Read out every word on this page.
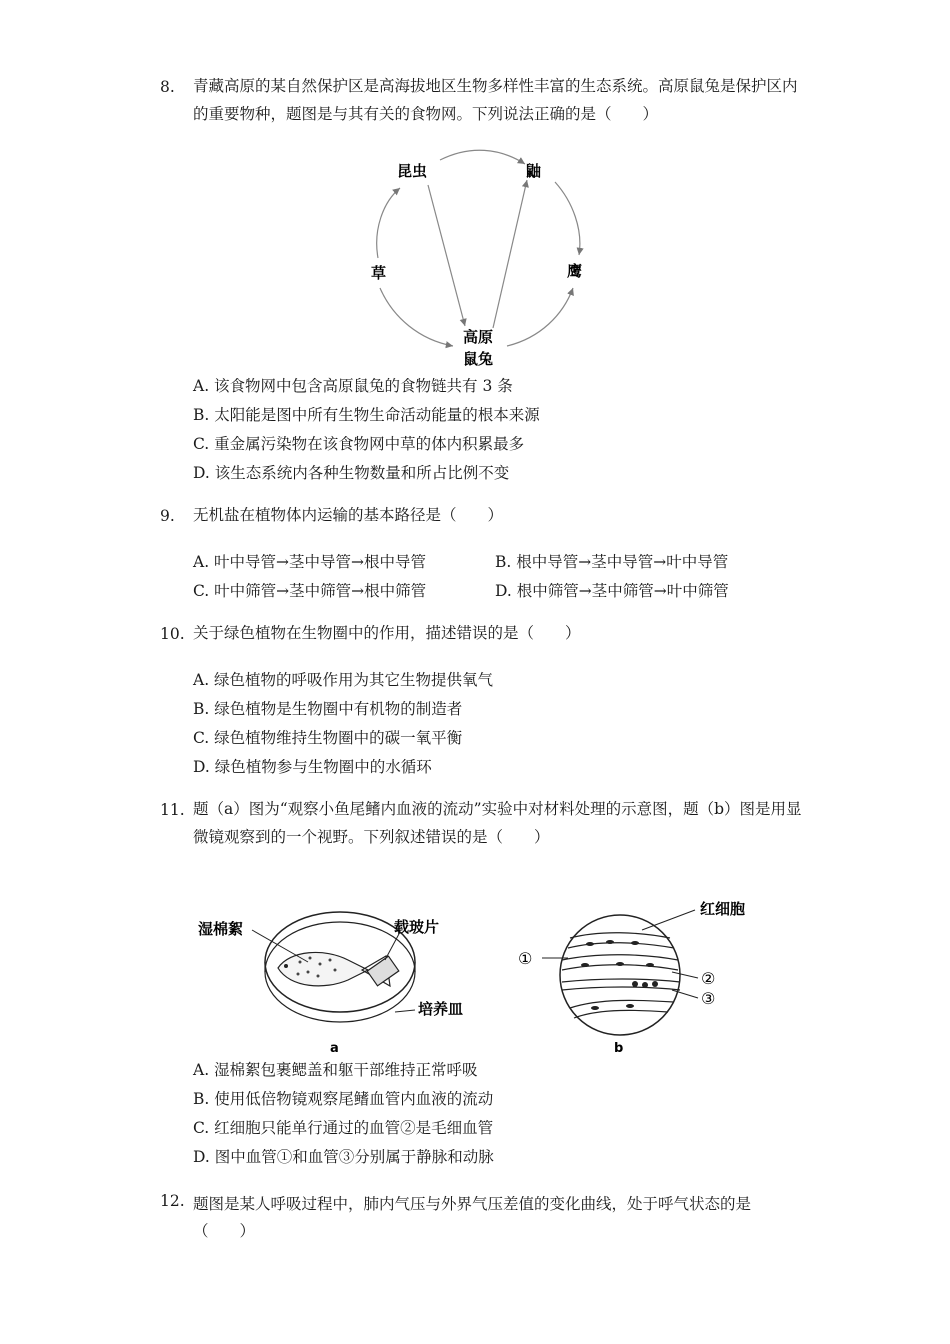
8. 青藏高原的某自然保护区是高海拔地区生物多样性丰富的生态系统。高原鼠兔是保护区内的重要物种，题图是与其有关的食物网。下列说法正确的是（　　）
昆虫	鼬
草	鹰
高原
鼠兔
A. 该食物网中包含高原鼠兔的食物链共有 3 条
B. 太阳能是图中所有生物生命活动能量的根本来源
C. 重金属污染物在该食物网中草的体内积累最多
D. 该生态系统内各种生物数量和所占比例不变
9. 无机盐在植物体内运输的基本路径是（　　）
A. 叶中导管→茎中导管→根中导管	B. 根中导管→茎中导管→叶中导管
C. 叶中筛管→茎中筛管→根中筛管	D. 根中筛管→茎中筛管→叶中筛管
10. 关于绿色植物在生物圈中的作用，描述错误的是（　　）
A. 绿色植物的呼吸作用为其它生物提供氧气
B. 绿色植物是生物圈中有机物的制造者
C. 绿色植物维持生物圈中的碳一氧平衡
D. 绿色植物参与生物圈中的水循环
11. 题（a）图为“观察小鱼尾鳍内血液的流动”实验中对材料处理的示意图，题（b）图是用显微镜观察到的一个视野。下列叙述错误的是（　　）
湿棉絮	载玻片
培养皿
a
红细胞
①
②
③
b
A. 湿棉絮包裹鳃盖和躯干部维持正常呼吸
B. 使用低倍物镜观察尾鳍血管内血液的流动
C. 红细胞只能单行通过的血管②是毛细血管
D. 图中血管①和血管③分别属于静脉和动脉
12. 题图是某人呼吸过程中，肺内气压与外界气压差值的变化曲线，处于呼气状态的是
（　　）
